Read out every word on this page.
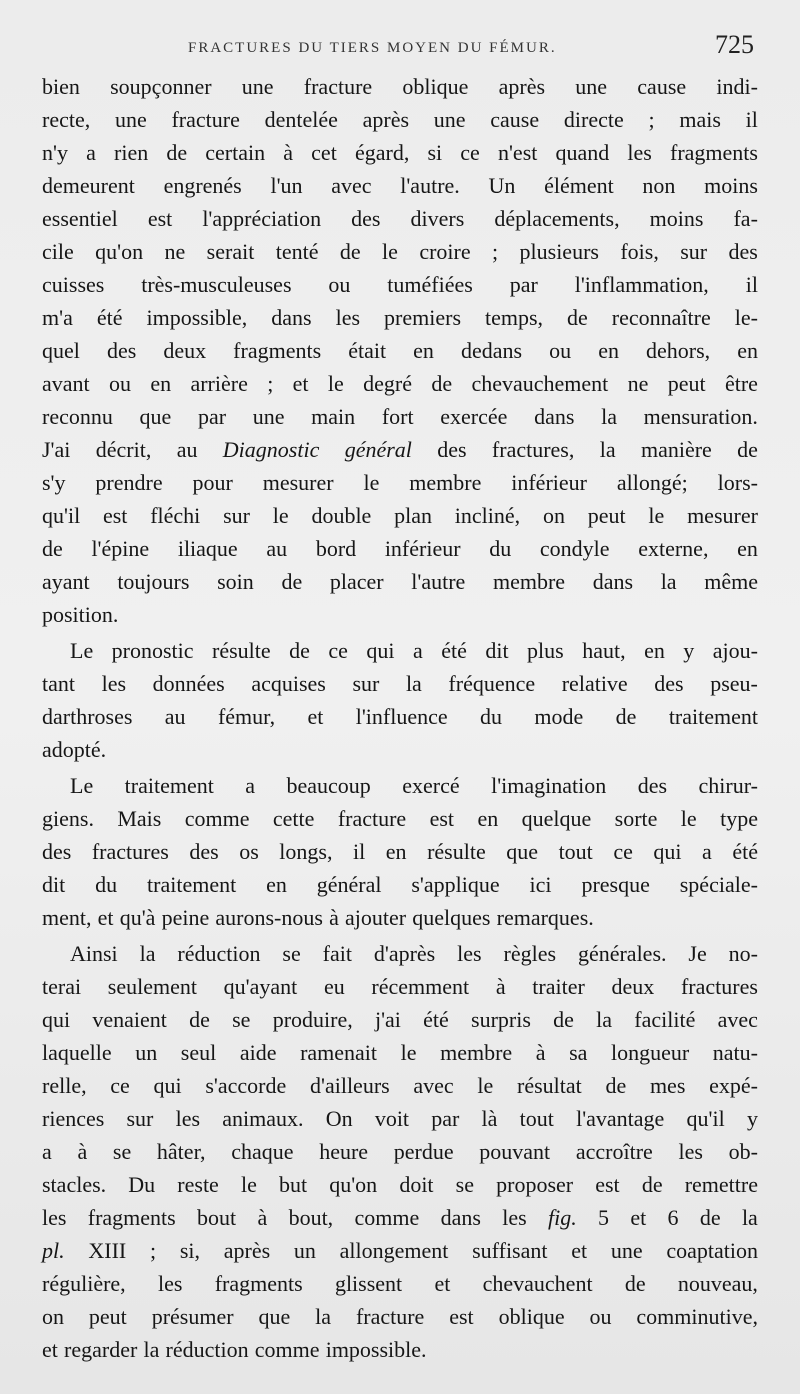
FRACTURES DU TIERS MOYEN DU FÉMUR.	725
bien soupçonner une fracture oblique après une cause indi-
recte, une fracture dentelée après une cause directe ; mais il
n'y a rien de certain à cet égard, si ce n'est quand les fragments
demeurent engrenés l'un avec l'autre. Un élément non moins
essentiel est l'appréciation des divers déplacements, moins fa-
cile qu'on ne serait tenté de le croire ; plusieurs fois, sur des
cuisses très-musculeuses ou tuméfiées par l'inflammation, il
m'a été impossible, dans les premiers temps, de reconnaître le-
quel des deux fragments était en dedans ou en dehors, en
avant ou en arrière ; et le degré de chevauchement ne peut être
reconnu que par une main fort exercée dans la mensuration.
J'ai décrit, au Diagnostic général des fractures, la manière de
s'y prendre pour mesurer le membre inférieur allongé; lors-
qu'il est fléchi sur le double plan incliné, on peut le mesurer
de l'épine iliaque au bord inférieur du condyle externe, en
ayant toujours soin de placer l'autre membre dans la même
position.
Le pronostic résulte de ce qui a été dit plus haut, en y ajou-
tant les données acquises sur la fréquence relative des pseu-
darthroses au fémur, et l'influence du mode de traitement
adopté.
Le traitement a beaucoup exercé l'imagination des chirur-
giens. Mais comme cette fracture est en quelque sorte le type
des fractures des os longs, il en résulte que tout ce qui a été
dit du traitement en général s'applique ici presque spéciale-
ment, et qu'à peine aurons-nous à ajouter quelques remarques.
Ainsi la réduction se fait d'après les règles générales. Je no-
terai seulement qu'ayant eu récemment à traiter deux fractures
qui venaient de se produire, j'ai été surpris de la facilité avec
laquelle un seul aide ramenait le membre à sa longueur natu-
relle, ce qui s'accorde d'ailleurs avec le résultat de mes expé-
riences sur les animaux. On voit par là tout l'avantage qu'il y
a à se hâter, chaque heure perdue pouvant accroître les ob-
stacles. Du reste le but qu'on doit se proposer est de remettre
les fragments bout à bout, comme dans les fig. 5 et 6 de la
pl. XIII ; si, après un allongement suffisant et une coaptation
régulière, les fragments glissent et chevauchent de nouveau,
on peut présumer que la fracture est oblique ou comminutive,
et regarder la réduction comme impossible.
